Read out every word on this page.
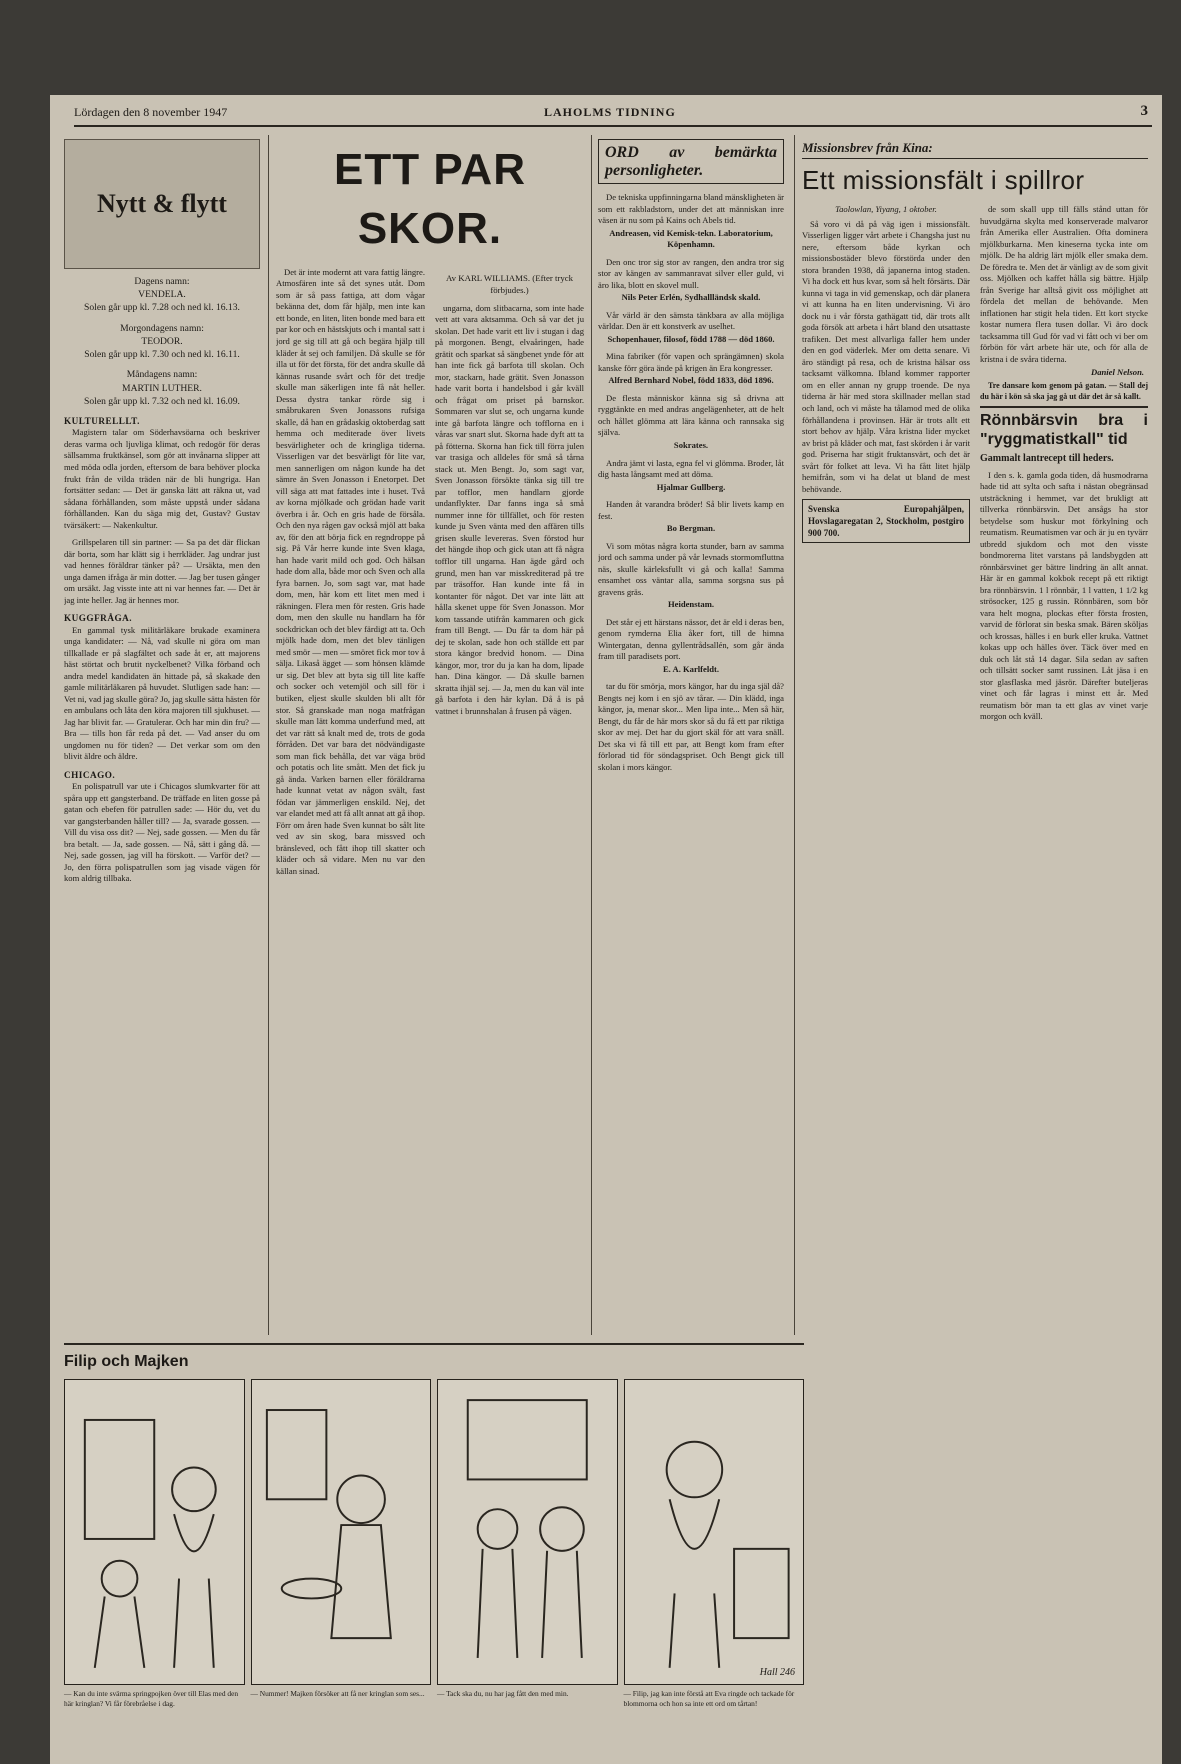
Lördagen den 8 november 1947	LAHOLMS TIDNING	3
Nytt & flytt
Dagens namn:
VENDELA.
Solen går upp kl. 7.28 och ned kl. 16.13.
Morgondagens namn:
TEODOR.
Solen går upp kl. 7.30 och ned kl. 16.11.
Måndagens namn:
MARTIN LUTHER.
Solen går upp kl. 7.32 och ned kl. 16.09.
KULTURELLLT.

Magistern talar om Söderhavsöarna och beskriver deras varma och ljuvliga klimat, och redogör för deras sällsamma fruktkänsel, som gör att invånarna slipper att med möda odla jorden, eftersom de bara behöver plocka frukt från de vilda träden när de bli hungriga. Han fortsätter sedan: — Det är ganska lätt att räkna ut, vad sådana förhållanden, som måste uppstå under sådana förhållanden. Kan du säga mig det, Gustav? Gustav tvärsäkert: — Nakenkultur.

Grillspelaren till sin partner: — Sa pa det där flickan där borta, som har klätt sig i herrkläder. Jag undrar just vad hennes föräldrar tänker på? — Ursäkta, men den unga damen ifråga är min dotter. — Jag ber tusen gånger om ursäkt. Jag visste inte att ni var hennes far. — Det är jag inte heller. Jag är hennes mor.

KUGGFRÅGA.

En gammal tysk militärläkare brukade examinera unga kandidater: — Nå, vad skulle ni göra om man tillkallade er på slagfältet och sade åt er, att majorens häst störtat och brutit nyckelbenet? Vilka förband och andra medel kandidaten än hittade på, så skakade den gamle militärläkaren på huvudet. Slutligen sade han: — Vet ni, vad jag skulle göra? Jo, jag skulle sätta hästen för en ambulans och låta den köra majoren till sjukhuset. — Jag har blivit far. — Gratulerar. Och har min din fru? — Bra — tills hon får reda på det. — Vad anser du om ungdomen nu för tiden? — Det verkar som om den blivit äldre och äldre.

CHICAGO.

En polispatrull var ute i Chicagos slumkvarter för att spåra upp ett gangsterband. De träffade en liten gosse på gatan och ebefen för patrullen sade: — Hör du, vet du var gangsterbanden håller till? — Ja, svarade gossen. — Vill du visa oss dit? — Nej, sade gossen. — Men du får bra betalt. — Ja, sade gossen. — Nå, sätt i gång då. — Nej, sade gossen, jag vill ha förskott. — Varför det? — Jo, den förra polispatrullen som jag visade vägen för kom aldrig tillbaka.

ETT PAR SKOR.

Det är inte modernt att vara fattig längre. Atmosfären inte så det synes utåt. Dom som är så pass fattiga, att dom vågar bekänna det, dom får hjälp, men inte kan ett bonde, en liten, liten bonde med bara ett par kor och en hästskjuts och i mantal satt i jord ge sig till att gå och begära hjälp till kläder åt sej och familjen. Då skulle se för illa ut för det första, för det andra skulle då kännas rusande svårt och för det tredje skulle man säkerligen inte få nåt heller. Dessa dystra tankar rörde sig i småbrukaren Sven Jonassons rufsiga skalle, då han en grådaskig oktoberdag satt hemma och mediterade över livets besvärligheter och de kringliga tiderna. Visserligen var det besvärligt för lite var, men sannerligen om någon kunde ha det sämre än Sven Jonasson i Enetorpet. Det vill säga att mat fattades inte i huset. Två av korna mjölkade och grödan hade varit överbra i år. Och en gris hade de försåla. Och den nya rågen gav också mjöl att baka av, för den att börja fick en regndroppe på sig. På Vår herre kunde inte Sven klaga, han hade varit mild och god. Och hälsan hade dom alla, både mor och Sven och alla fyra barnen. Jo, som sagt var, mat hade dom, men, här kom ett litet men med i räkningen. Flera men för resten. Gris hade dom, men den skulle nu handlarn ha för sockdrickan och det blev färdigt att ta. Och mjölk hade dom, men det blev tänligen med smör — men — smöret fick mor tov å sälja. Likaså ägget — som hönsen klämde ur sig. Det blev att byta sig till lite kaffe och socker och vetemjöl och sill för i butiken, eljest skulle skulden bli allt för stor. Så granskade man noga matfrågan skulle man lätt komma underfund med, att det var rätt så knalt med de, trots de goda förråden. Det var bara det nödvändigaste som man fick behålla, det var väga bröd och potatis och lite smått. Men det fick ju gå ända. Varken barnen eller föräldrarna hade kunnat vetat av någon svält, fast födan var jämmerligen enskild. Nej, det var elandet med att få allt annat att gå ihop. Förr om åren hade Sven kunnat bo sålt lite ved av sin skog, bara missved och bränsleved, och fått ihop till skatter och kläder och så vidare. Men nu var den källan sinad.

Av KARL WILLIAMS. (Efter tryck förbjudes.)

ungarna, dom slitbacarna, som inte hade vett att vara aktsamma. Och så var det ju skolan. Det hade varit ett liv i stugan i dag på morgonen. Bengt, elvaåringen, hade grätit och sparkat så sängbenet ynde för att han inte fick gå barfota till skolan. Och mor, stackarn, hade grätit. Sven Jonasson hade varit borta i handelsbod i går kväll och frågat om priset på barnskor. Sommaren var slut se, och ungarna kunde inte gå barfota längre och tofflorna en i våras var snart slut. Skorna hade dyft att ta på fötterna. Skorna han fick till förra julen var trasiga och alldeles för små så tårna stack ut. Men Bengt. Jo, som sagt var, Sven Jonasson försökte tänka sig till tre par tofflor, men handlarn gjorde undanflykter. Dar fanns inga så små nummer inne för tillfället, och för resten kunde ju Sven vänta med den affären tills grisen skulle levereras. Sven förstod hur det hängde ihop och gick utan att få några tofflor till ungarna. Han ägde gård och grund, men han var misskrediterad på tre par träsoffor. Han kunde inte få in kontanter för något. Det var inte lätt att hålla skenet uppe för Sven Jonasson. Mor kom tassande utifrån kammaren och gick fram till Bengt. — Du får ta dom här på dej te skolan, sade hon och ställde ett par stora kängor bredvid honom. — Dina kängor, mor, tror du ja kan ha dom, lipade han. Dina kängor. — Då skulle barnen skratta ihjäl sej. — Ja, men du kan väl inte gå barfota i den här kylan. Då å is på vattnet i brunnshalan å frusen på vägen.

ORD av bemärkta personligheter.

De tekniska uppfinningarna bland mänskligheten är som ett rakbladstorn, under det att människan inre väsen är nu som på Kains och Abels tid.

Andreasen, vid Kemisk-tekn. Laboratorium, Köpenhamn.

Den onc tror sig stor av rangen, den andra tror sig stor av kängen av sammanravat silver eller guld, vi äro lika, blott en skovel mull.

Nils Peter Erlén, Sydhallländsk skald.

Vår värld är den sämsta tänkbara av alla möjliga världar. Den är ett konstverk av uselhet.

Schopenhauer, filosof, född 1788 — död 1860.

Mina fabriker (för vapen och sprängämnen) skola kanske förr göra ände på krigen än Era kongresser.

Alfred Bernhard Nobel, född 1833, död 1896.

De flesta människor känna sig så drivna att ryggtänkte en med andras angelägenheter, att de helt och hållet glömma att lära känna och rannsaka sig själva.

Sokrates.

Andra jämt vi lasta, egna fel vi glömma. Broder, låt dig hasta långsamt med att döma.

Hjalmar Gullberg.

Handen åt varandra bröder! Så blir livets kamp en fest.

Bo Bergman.

Vi som mötas några korta stunder, barn av samma jord och samma under på vår levnads stormomfluttna näs, skulle kärleksfullt vi gå och kalla! Samma ensamhet oss väntar alla, samma sorgsna sus på gravens gräs.

Heidenstam.

Det står ej ett härstans nässor, det är eld i deras ben, genom rymderna Elia åker fort, till de himna Wintergatan, denna gyllentrådsallén, som går ända fram till paradisets port.

E. A. Karlfeldt.

tar du för smörja, mors kängor, har du inga själ då? Bengts nej kom i en sjö av tårar. — Din klädd, inga kängor, ja, menar skor... Men lipa inte... Men så här, Bengt, du får de här mors skor så du få ett par riktiga skor av mej. Det har du gjort skäl för att vara snäll. Det ska vi få till ett par, att Bengt kom fram efter förlorad tid för söndagspriset. Och Bengt gick till skolan i mors kängor.

Missionsbrev från Kina:
Ett missionsfält i spillror
Taolowlan, Yiyang, 1 oktober.

Så voro vi då på väg igen i missionsfält. Visserligen ligger vårt arbete i Changsha just nu nere, eftersom både kyrkan och missionsbostäder blevo förstörda under den stora branden 1938, då japanerna intog staden. Vi ha dock ett hus kvar, som så helt försärts. Där kunna vi taga in vid gemenskap, och där planera vi att kunna ha en liten undervisning. Vi äro dock nu i vår första gathägatt tid, där trots allt goda försök att arbeta i hårt bland den utsattaste trafiken. Det mest allvarliga faller hem under den en god väderlek. Mer om detta senare. Vi äro ständigt på resa, och de kristna hälsar oss tacksamt välkomna. Ibland kommer rapporter om en eller annan ny grupp troende. De nya tiderna är här med stora skillnader mellan stad och land, och vi måste ha tålamod med de olika förhållandena i provinsen. Här är trots allt ett stort behov av hjälp. Våra kristna lider mycket av brist på kläder och mat, fast skörden i år varit god. Priserna har stigit fruktansvärt, och det är svårt för folket att leva. Vi ha fått litet hjälp hemifrån, som vi ha delat ut bland de mest behövande.

Svenska Europahjälpen, Hovslagaregatan 2, Stockholm, postgiro 900 700.

de som skall upp till fälls stånd uttan för huvudgärna skylta med konserverade malvaror från Amerika eller Australien. Ofta dominera mjölkburkarna. Men kineserna tycka inte om mjölk. De ha aldrig lärt mjölk eller smaka dem. De föredra te. Men det är vänligt av de som givit oss. Mjölken och kaffet hålla sig bättre. Hjälp från Sverige har alltså givit oss möjlighet att fördela det mellan de behövande. Men inflationen har stigit hela tiden. Ett kort stycke kostar numera flera tusen dollar. Vi äro dock tacksamma till Gud för vad vi fått och vi ber om förbön för vårt arbete här ute, och för alla de kristna i de svåra tiderna.

Daniel Nelson.

Tre dansare kom genom på gatan. — Stall dej du här i kön så ska jag gå ut där det är så kallt.

Rönnbärsvin bra i "ryggmatistkall" tid
Gammalt lantrecept till heders.

I den s. k. gamla goda tiden, då husmodrarna hade tid att sylta och safta i nästan obegränsad utsträckning i hemmet, var det brukligt att tillverka rönnbärsvin. Det ansågs ha stor betydelse som huskur mot förkylning och reumatism. Reumatismen var och är ju en tyvärr utbredd sjukdom och mot den visste bondmorerna litet varstans på landsbygden att rönnbärsvinet ger bättre lindring än allt annat. Här är en gammal kokbok recept på ett riktigt bra rönnbärsvin. 1 l rönnbär, 1 l vatten, 1 1/2 kg strösocker, 125 g russin. Rönnbären, som bör vara helt mogna, plockas efter första frosten, varvid de förlorat sin beska smak. Bären sköljas och krossas, hälles i en burk eller kruka. Vattnet kokas upp och hälles över. Täck över med en duk och låt stå 14 dagar. Sila sedan av saften och tillsätt socker samt russinen. Låt jäsa i en stor glasflaska med jäsrör. Därefter buteljeras vinet och får lagras i minst ett år. Med reumatism bör man ta ett glas av vinet varje morgon och kväll.

Filip och Majken
Hall 246
— Kan du inte svärma springpojken över till Elas med den här kringlan? Vi får förebråelse i dag.
— Nummer! Majken försöker att få ner kringlan som ses...	— Tack ska du, nu har jag fått den med min.	— Filip, jag kan inte förstå att Eva ringde och tackade för blommorna och hon sa inte ett ord om tårtan!
